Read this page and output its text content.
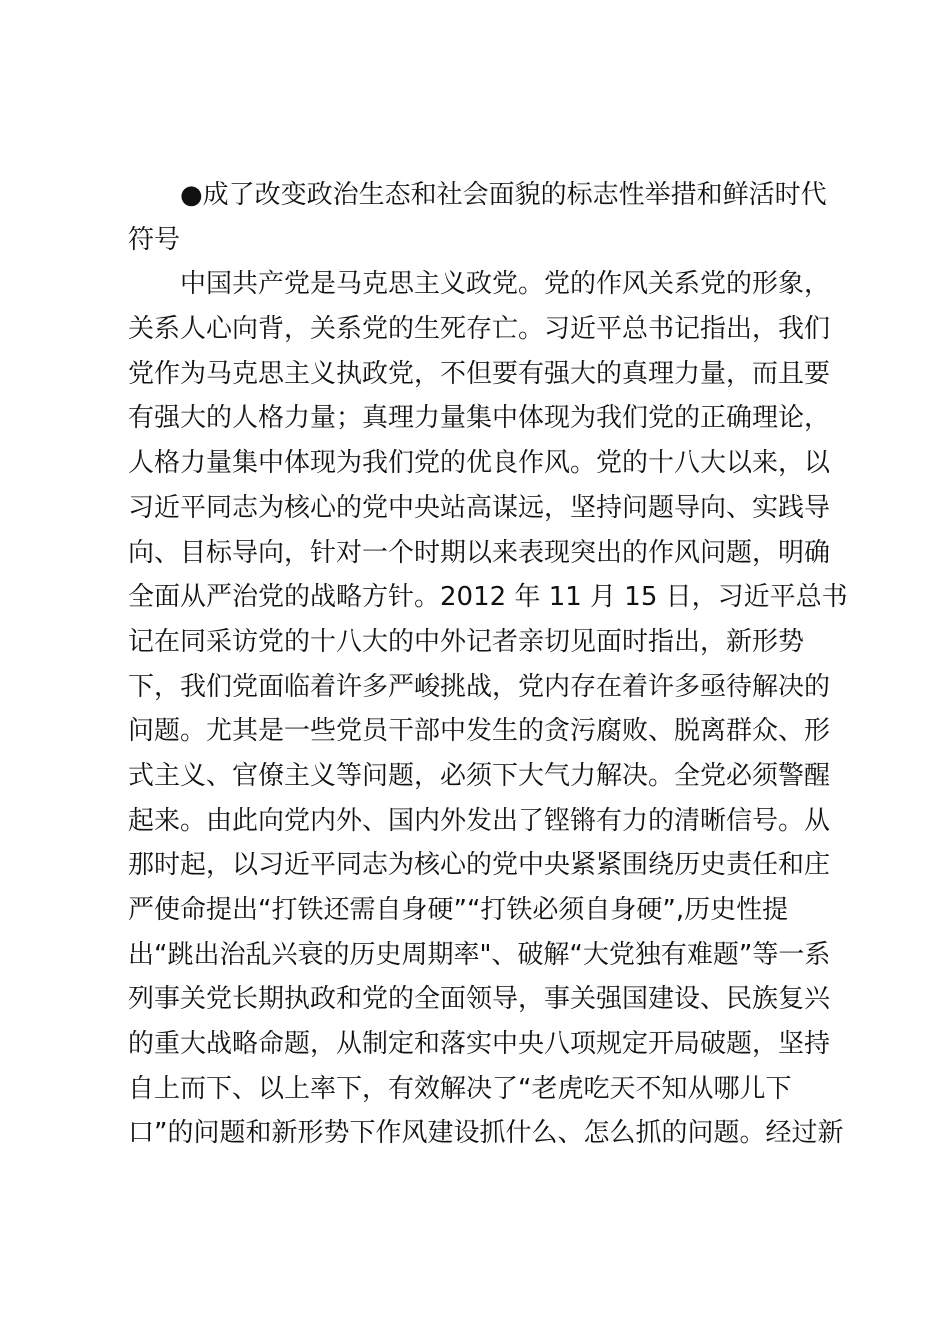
●成了改变政治生态和社会面貌的标志性举措和鲜活时代
符号
中国共产党是马克思主义政党。党的作风关系党的形象，
关系人心向背，关系党的生死存亡。习近平总书记指出，我们
党作为马克思主义执政党，不但要有强大的真理力量，而且要
有强大的人格力量；真理力量集中体现为我们党的正确理论，
人格力量集中体现为我们党的优良作风。党的十八大以来，以
习近平同志为核心的党中央站高谋远，坚持问题导向、实践导
向、目标导向，针对一个时期以来表现突出的作风问题，明确
全面从严治党的战略方针。2012 年 11 月 15 日，习近平总书
记在同采访党的十八大的中外记者亲切见面时指出，新形势
下，我们党面临着许多严峻挑战，党内存在着许多亟待解决的
问题。尤其是一些党员干部中发生的贪污腐败、脱离群众、形
式主义、官僚主义等问题，必须下大气力解决。全党必须警醒
起来。由此向党内外、国内外发出了铿锵有力的清晰信号。从
那时起，以习近平同志为核心的党中央紧紧围绕历史责任和庄
严使命提出“打铁还需自身硬”“打铁必须自身硬”,历史性提
出“跳出治乱兴衰的历史周期率"、破解“大党独有难题”等一系
列事关党长期执政和党的全面领导，事关强国建设、民族复兴
的重大战略命题，从制定和落实中央八项规定开局破题，坚持
自上而下、以上率下，有效解决了“老虎吃天不知从哪儿下
口”的问题和新形势下作风建设抓什么、怎么抓的问题。经过新
